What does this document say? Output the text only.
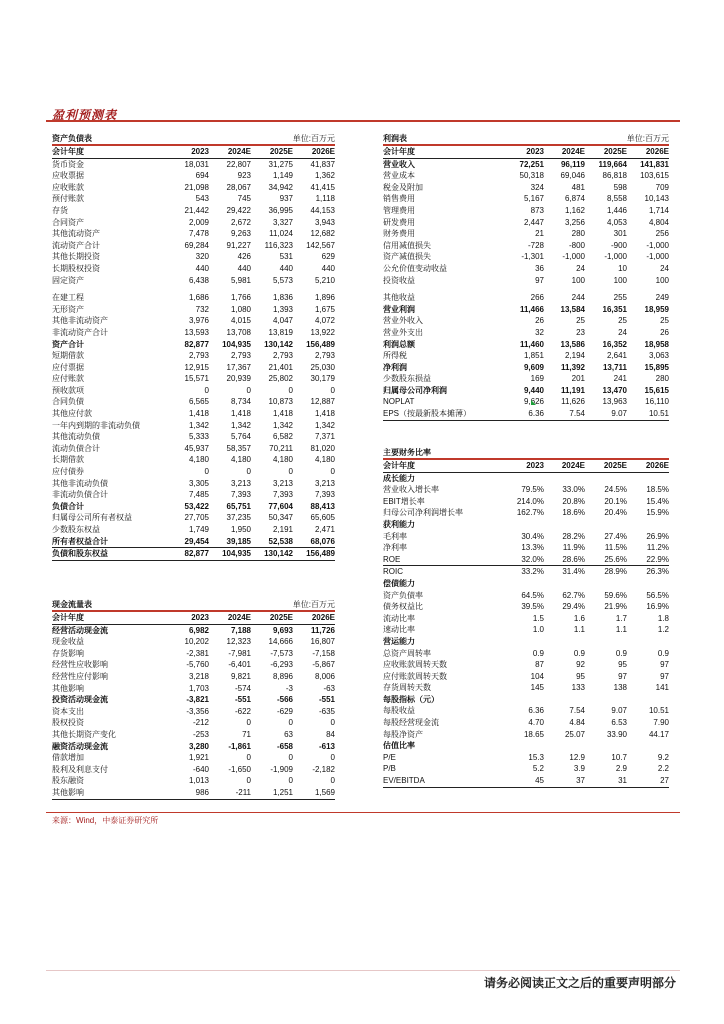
盈利预测表
资产负债表	单位:百万元
会计年度	2023	2024E	2025E	2026E
货币资金	18,031	22,807	31,275	41,837
应收票据	694	923	1,149	1,362
应收账款	21,098	28,067	34,942	41,415
预付账款	543	745	937	1,118
存货	21,442	29,422	36,995	44,153
合同资产	2,009	2,672	3,327	3,943
其他流动资产	7,478	9,263	11,024	12,682
流动资产合计	69,284	91,227	116,323	142,567
其他长期投资	320	426	531	629
长期股权投资	440	440	440	440
固定资产	6,438	5,981	5,573	5,210

在建工程	1,686	1,766	1,836	1,896
无形资产	732	1,080	1,393	1,675
其他非流动资产	3,976	4,015	4,047	4,072
非流动资产合计	13,593	13,708	13,819	13,922
资产合计	82,877	104,935	130,142	156,489
短期借款	2,793	2,793	2,793	2,793
应付票据	12,915	17,367	21,401	25,030
应付账款	15,571	20,939	25,802	30,179
预收款项	0	0	0	0
合同负债	6,565	8,734	10,873	12,887
其他应付款	1,418	1,418	1,418	1,418
一年内到期的非流动负债	1,342	1,342	1,342	1,342
其他流动负债	5,333	5,764	6,582	7,371
流动负债合计	45,937	58,357	70,211	81,020
长期借款	4,180	4,180	4,180	4,180
应付债券	0	0	0	0
其他非流动负债	3,305	3,213	3,213	3,213
非流动负债合计	7,485	7,393	7,393	7,393
负债合计	53,422	65,751	77,604	88,413
归属母公司所有者权益	27,705	37,235	50,347	65,605
少数股东权益	1,749	1,950	2,191	2,471
所有者权益合计	29,454	39,185	52,538	68,076
负债和股东权益	82,877	104,935	130,142	156,489
利润表	单位:百万元
会计年度	2023	2024E	2025E	2026E
营业收入	72,251	96,119	119,664	141,831
营业成本	50,318	69,046	86,818	103,615
税金及附加	324	481	598	709
销售费用	5,167	6,874	8,558	10,143
管理费用	873	1,162	1,446	1,714
研发费用	2,447	3,256	4,053	4,804
财务费用	21	280	301	256
信用减值损失	-728	-800	-900	-1,000
资产减值损失	-1,301	-1,000	-1,000	-1,000
公允价值变动收益	36	24	10	24
投资收益	97	100	100	100

其他收益	266	244	255	249
营业利润	11,466	13,584	16,351	18,959
营业外收入	26	25	25	25
营业外支出	32	23	24	26
利润总额	11,460	13,586	16,352	18,958
所得税	1,851	2,194	2,641	3,063
净利润	9,609	11,392	13,711	15,895
少数股东损益	169	201	241	280
归属母公司净利润	9,440	11,191	13,470	15,615
NOPLAT	9,626	11,626	13,963	16,110
EPS（按最新股本摊薄）	6.36	7.54	9.07	10.51
主要财务比率
会计年度	2023	2024E	2025E	2026E
成长能力				
营业收入增长率	79.5%	33.0%	24.5%	18.5%
EBIT增长率	214.0%	20.8%	20.1%	15.4%
归母公司净利润增长率	162.7%	18.6%	20.4%	15.9%
获利能力				
毛利率	30.4%	28.2%	27.4%	26.9%
净利率	13.3%	11.9%	11.5%	11.2%
ROE	32.0%	28.6%	25.6%	22.9%
ROIC	33.2%	31.4%	28.9%	26.3%
偿债能力				
资产负债率	64.5%	62.7%	59.6%	56.5%
债务权益比	39.5%	29.4%	21.9%	16.9%
流动比率	1.5	1.6	1.7	1.8
速动比率	1.0	1.1	1.1	1.2
营运能力				
总资产周转率	0.9	0.9	0.9	0.9
应收账款周转天数	87	92	95	97
应付账款周转天数	104	95	97	97
存货周转天数	145	133	138	141
每股指标（元）				
每股收益	6.36	7.54	9.07	10.51
每股经营现金流	4.70	4.84	6.53	7.90
每股净资产	18.65	25.07	33.90	44.17
估值比率				
P/E	15.3	12.9	10.7	9.2
P/B	5.2	3.9	2.9	2.2
EV/EBITDA	45	37	31	27
现金流量表	单位:百万元
会计年度	2023	2024E	2025E	2026E
经营活动现金流	6,982	7,188	9,693	11,726
现金收益	10,202	12,323	14,666	16,807
存货影响	-2,381	-7,981	-7,573	-7,158
经营性应收影响	-5,760	-6,401	-6,293	-5,867
经营性应付影响	3,218	9,821	8,896	8,006
其他影响	1,703	-574	-3	-63
投资活动现金流	-3,821	-551	-566	-551
资本支出	-3,356	-622	-629	-635
股权投资	-212	0	0	0
其他长期资产变化	-253	71	63	84
融资活动现金流	3,280	-1,861	-658	-613
借款增加	1,921	0	0	0
股利及利息支付	-640	-1,650	-1,909	-2,182
股东融资	1,013	0	0	0
其他影响	986	-211	1,251	1,569
来源：Wind，中泰证券研究所
请务必阅读正文之后的重要声明部分
